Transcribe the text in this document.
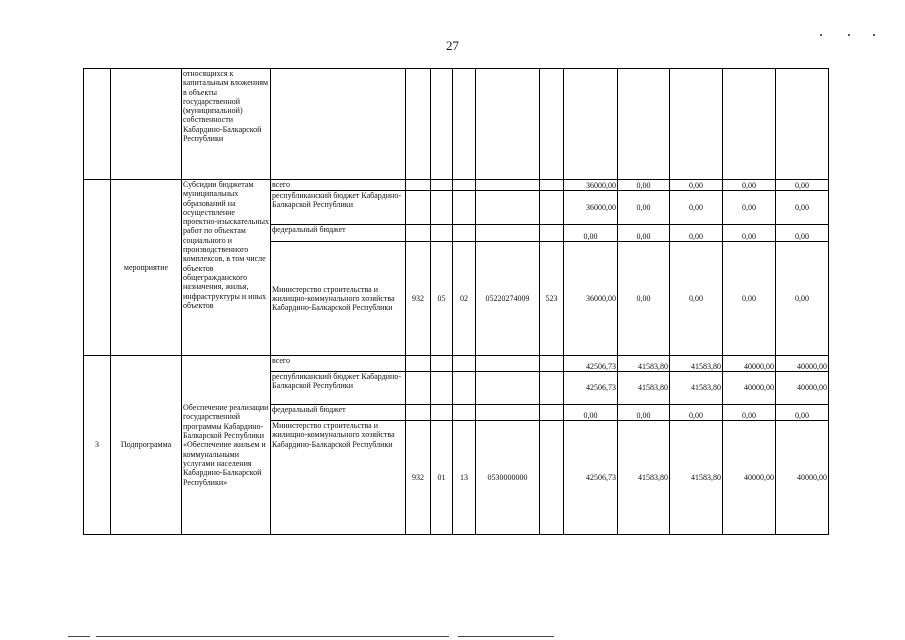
27
		относящихся к капитальным вложениям в объекты государственной (муниципальной) собственности Кабардино-Балкарской Республики											
	мероприятие	Субсидии бюджетам муниципальных образований на осуществление проектно-изыскательных работ по объектам социального и производственного комплексов, в том числе объектов общегражданского назначения, жилья, инфраструктуры и иных объектов	всего						36000,00	0,00	0,00	0,00	0,00
			республиканский бюджет Кабардино- Балкарской Республики						36000,00	0,00	0,00	0,00	0,00
			федеральный бюджет						0,00	0,00	0,00	0,00	0,00
			Министерство строительства и жилищно-коммунального хозяйства Кабардино-Балкарской Республики	932	05	02	05220274009	523	36000,00	0,00	0,00	0,00	0,00
3	Подпрограмма	Обеспечение реализации государственной программы Кабардино-Балкарской Республики «Обеспечение жильем и коммунальными услугами населения Кабардино-Балкарской Республики»	всего						42506,73	41583,80	41583,80	40000,00	40000,00
			республиканский бюджет Кабардино- Балкарской Республики						42506,73	41583,80	41583,80	40000,00	40000,00
			федеральный бюджет						0,00	0,00	0,00	0,00	0,00
			Министерство строительства и жилищно-коммунального хозяйства Кабардино-Балкарской Республики	932	01	13	0530000000		42506,73	41583,80	41583,80	40000,00	40000,00
